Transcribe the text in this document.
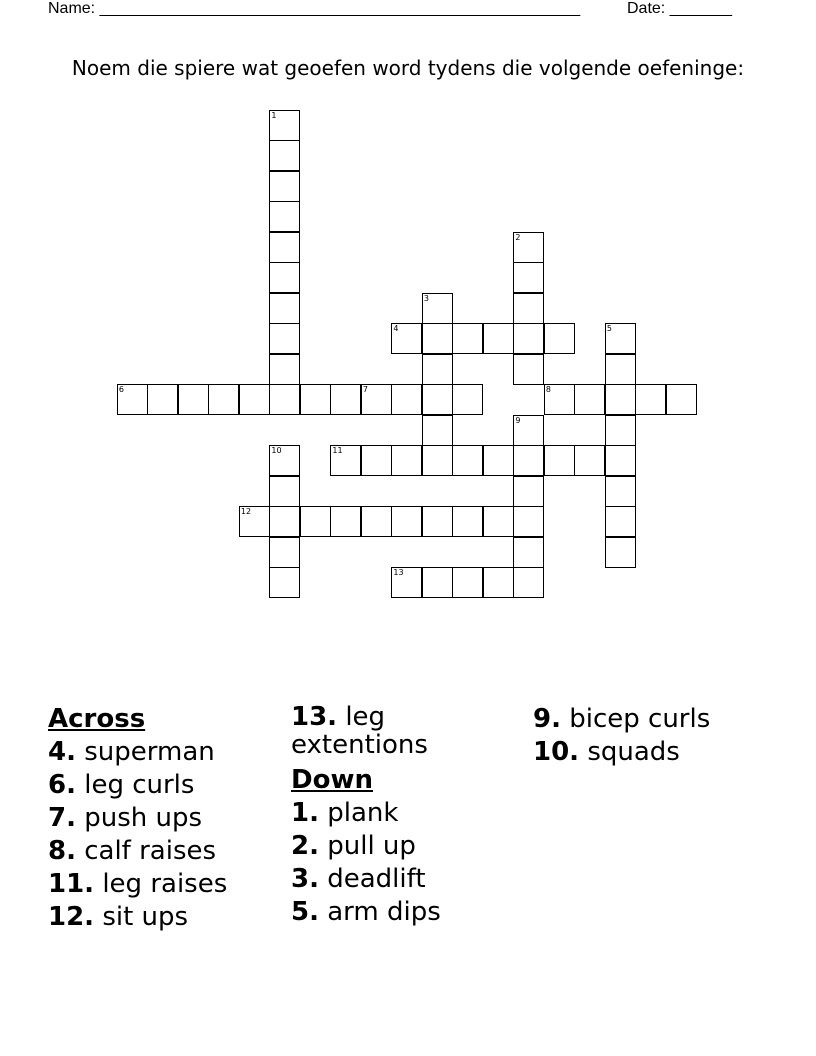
Name: ______________________________________________________	Date: _______
Noem die spiere wat geoefen word tydens die volgende oefeninge:
1
2
3
5
9
10
4
6	7	8
11
12
13
Across
4. superman
6. leg curls
7. push ups
8. calf raises
11. leg raises
12. sit ups
13. leg extentions
Down
1. plank
2. pull up
3. deadlift
5. arm dips
9. bicep curls
10. squads
